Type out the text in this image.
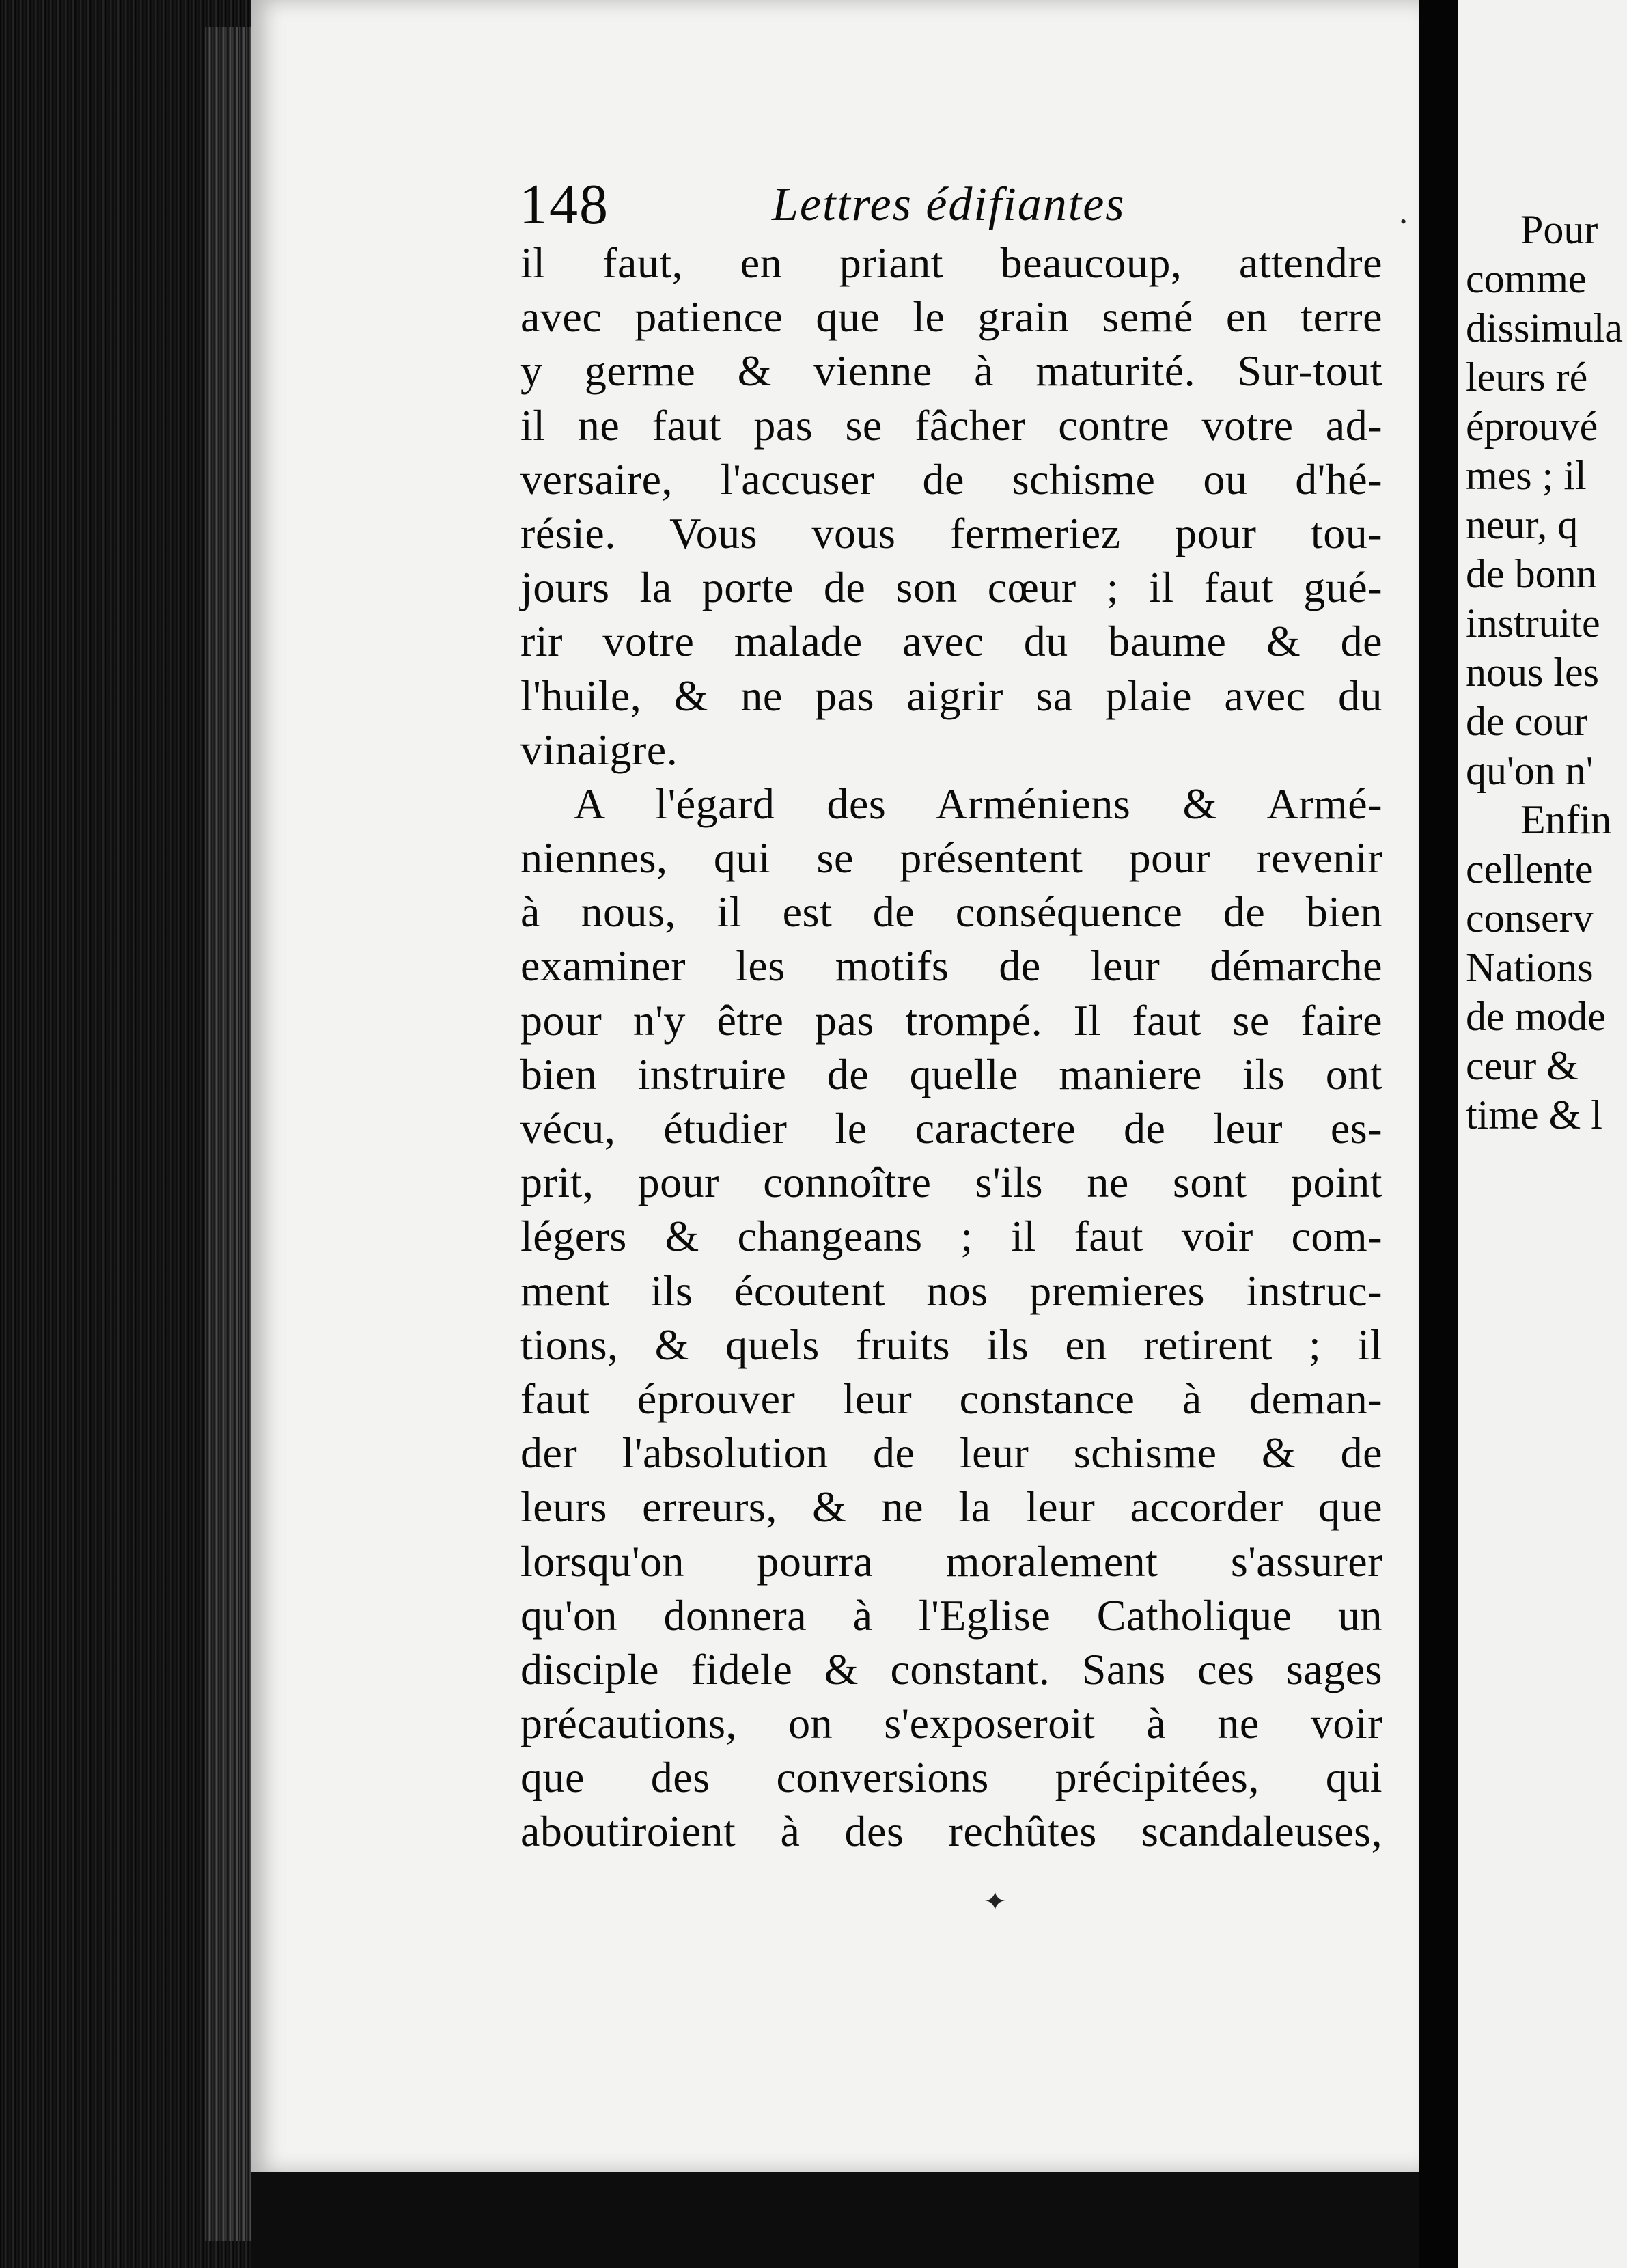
148	Lettres édifiantes
il faut, en priant beaucoup, attendre
avec patience que le grain semé en terre
y germe & vienne à maturité. Sur-tout
il ne faut pas se fâcher contre votre ad-
versaire, l'accuser de schisme ou d'hé-
résie. Vous vous fermeriez pour tou-
jours la porte de son cœur ; il faut gué-
rir votre malade avec du baume & de
l'huile, & ne pas aigrir sa plaie avec du
vinaigre.
A l'égard des Arméniens & Armé-
niennes, qui se présentent pour revenir
à nous, il est de conséquence de bien
examiner les motifs de leur démarche
pour n'y être pas trompé. Il faut se faire
bien instruire de quelle maniere ils ont
vécu, étudier le caractere de leur es-
prit, pour connoître s'ils ne sont point
légers & changeans ; il faut voir com-
ment ils écoutent nos premieres instruc-
tions, & quels fruits ils en retirent ; il
faut éprouver leur constance à deman-
der l'absolution de leur schisme & de
leurs erreurs, & ne la leur accorder que
lorsqu'on pourra moralement s'assurer
qu'on donnera à l'Eglise Catholique un
disciple fidele & constant. Sans ces sages
précautions, on s'exposeroit à ne voir
que des conversions précipitées, qui
aboutiroient à des rechûtes scandaleuses,
Pour
comme
dissimula
leurs ré
éprouvé
mes ; il
neur, q
de bonn
instruite
nous les
de cour
qu'on n'
Enfin
cellente
conserv
Nations
de mode
ceur &
time & l
✦
•
